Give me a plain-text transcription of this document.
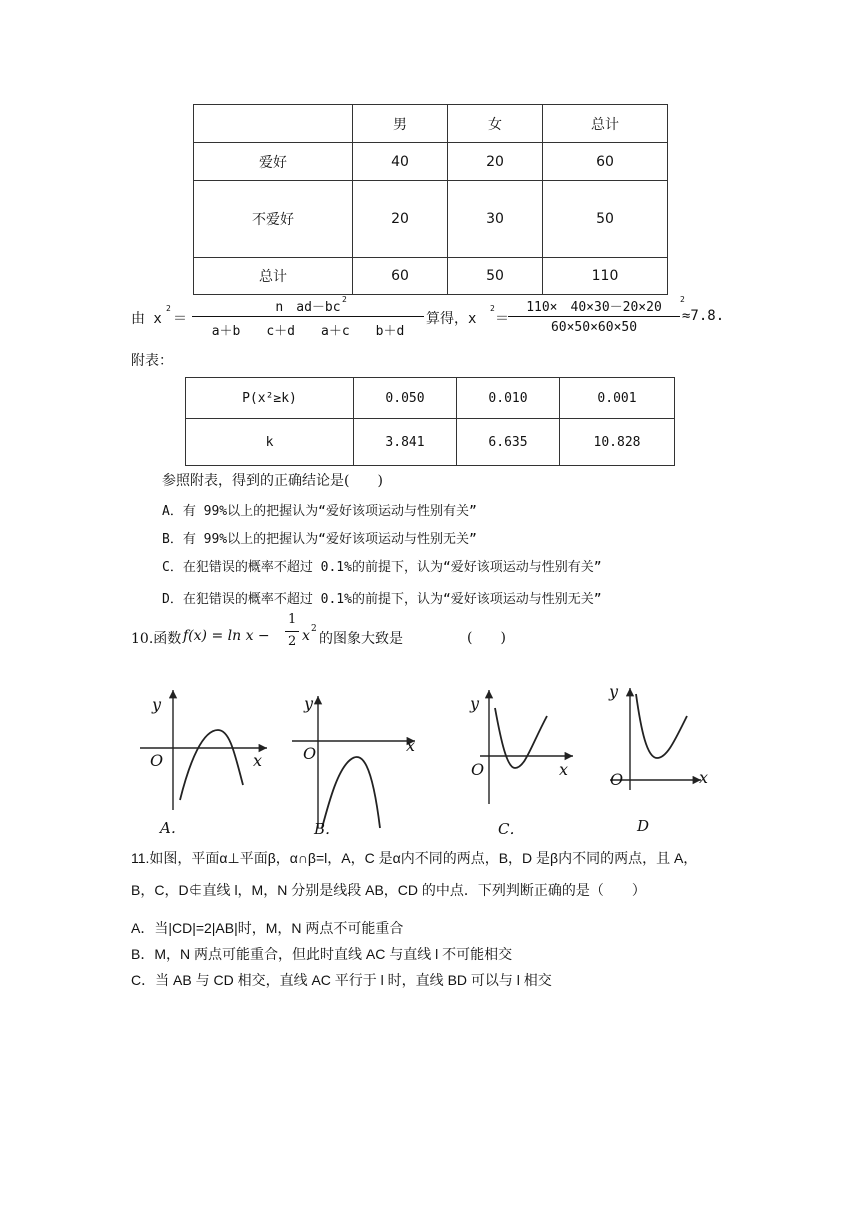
	男	女	总计
爱好	40	20	60
不爱好	20	30	50
总计	60	50	110
由 x
2
＝
n　ad－bc
2
a＋b　　c＋d　　a＋c　　b＋d
算得，x
2
＝
110×　40×30－20×20
2
60×50×60×50
≈7.8.
附表：
P(x²≥k)	0.050	0.010	0.001
k	3.841	6.635	10.828
参照附表，得到的正确结论是(　　)
A．有 99%以上的把握认为“爱好该项运动与性别有关”
B．有 99%以上的把握认为“爱好该项运动与性别无关”
C．在犯错误的概率不超过 0.1%的前提下，认为“爱好该项运动与性别有关”
D．在犯错误的概率不超过 0.1%的前提下，认为“爱好该项运动与性别无关”
10.函数 f(x) = ln x −
1
2 x 2
的图象大致是	(　　)
y
O	x
A．
y
O	x
B．
y
O	x
C．
y
O	x
D
11.如图，平面α⊥平面β，α∩β=l，A，C 是α内不同的两点，B，D 是β内不同的两点，且 A，
B，C，D∉直线 l，M，N 分别是线段 AB，CD 的中点．下列判断正确的是（　　）
A．当|CD|=2|AB|时，M，N 两点不可能重合
B．M，N 两点可能重合，但此时直线 AC 与直线 l 不可能相交
C．当 AB 与 CD 相交，直线 AC 平行于 l 时，直线 BD 可以与 l 相交
